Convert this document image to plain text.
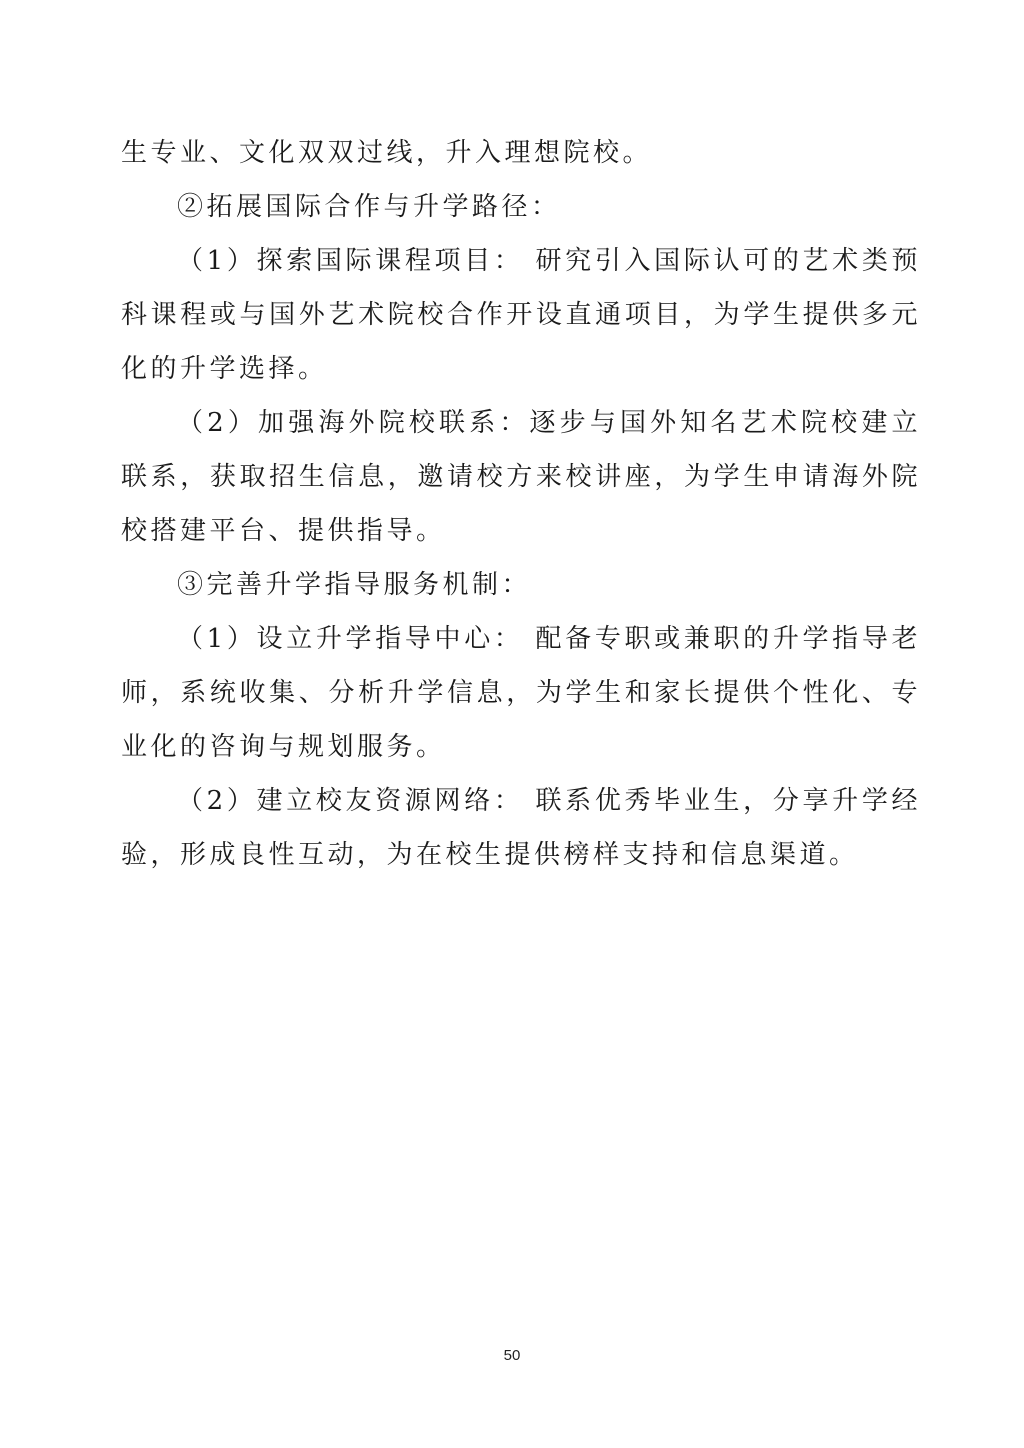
生专业、文化双双过线，升入理想院校。

②拓展国际合作与升学路径：

（1）探索国际课程项目： 研究引入国际认可的艺术类预科课程或与国外艺术院校合作开设直通项目，为学生提供多元化的升学选择。

（2）加强海外院校联系：逐步与国外知名艺术院校建立联系，获取招生信息，邀请校方来校讲座，为学生申请海外院校搭建平台、提供指导。

③完善升学指导服务机制：

（1）设立升学指导中心： 配备专职或兼职的升学指导老师，系统收集、分析升学信息，为学生和家长提供个性化、专业化的咨询与规划服务。

（2）建立校友资源网络： 联系优秀毕业生，分享升学经验，形成良性互动，为在校生提供榜样支持和信息渠道。

50
